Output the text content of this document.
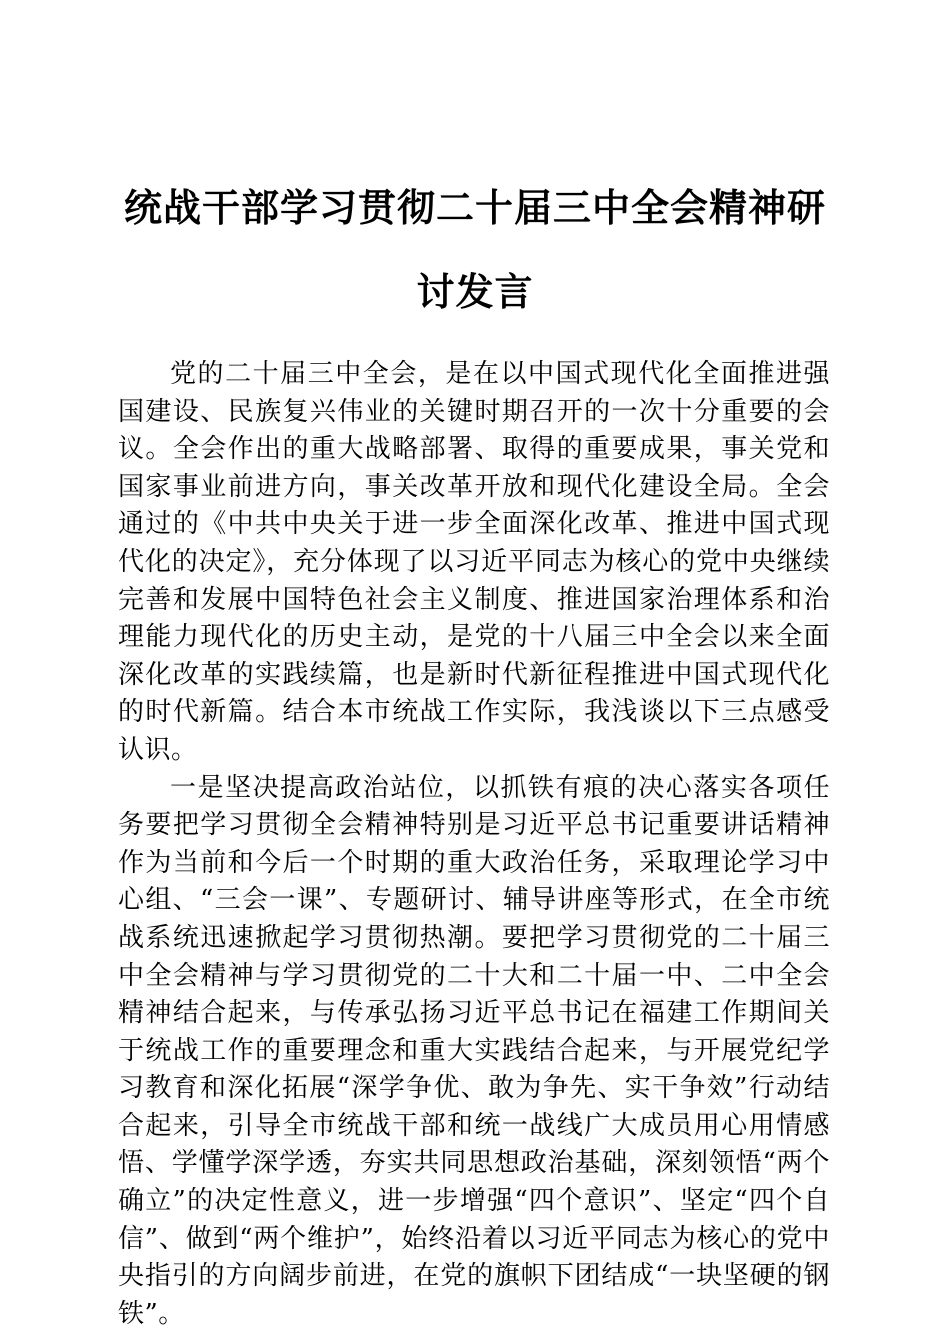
统战干部学习贯彻二十届三中全会精神研讨发言

党的二十届三中全会，是在以中国式现代化全面推进强国建设、民族复兴伟业的关键时期召开的一次十分重要的会议。全会作出的重大战略部署、取得的重要成果，事关党和国家事业前进方向，事关改革开放和现代化建设全局。全会通过的《中共中央关于进一步全面深化改革、推进中国式现代化的决定》，充分体现了以习近平同志为核心的党中央继续完善和发展中国特色社会主义制度、推进国家治理体系和治理能力现代化的历史主动，是党的十八届三中全会以来全面深化改革的实践续篇，也是新时代新征程推进中国式现代化的时代新篇。结合本市统战工作实际，我浅谈以下三点感受认识。

一是坚决提高政治站位，以抓铁有痕的决心落实各项任务要把学习贯彻全会精神特别是习近平总书记重要讲话精神作为当前和今后一个时期的重大政治任务，采取理论学习中心组、“三会一课”、专题研讨、辅导讲座等形式，在全市统战系统迅速掀起学习贯彻热潮。要把学习贯彻党的二十届三中全会精神与学习贯彻党的二十大和二十届一中、二中全会精神结合起来，与传承弘扬习近平总书记在福建工作期间关于统战工作的重要理念和重大实践结合起来，与开展党纪学习教育和深化拓展“深学争优、敢为争先、实干争效”行动结合起来，引导全市统战干部和统一战线广大成员用心用情感悟、学懂学深学透，夯实共同思想政治基础，深刻领悟“两个确立”的决定性意义，进一步增强“四个意识”、坚定“四个自信”、做到“两个维护”，始终沿着以习近平同志为核心的党中央指引的方向阔步前进，在党的旗帜下团结成“一块坚硬的钢铁”。
